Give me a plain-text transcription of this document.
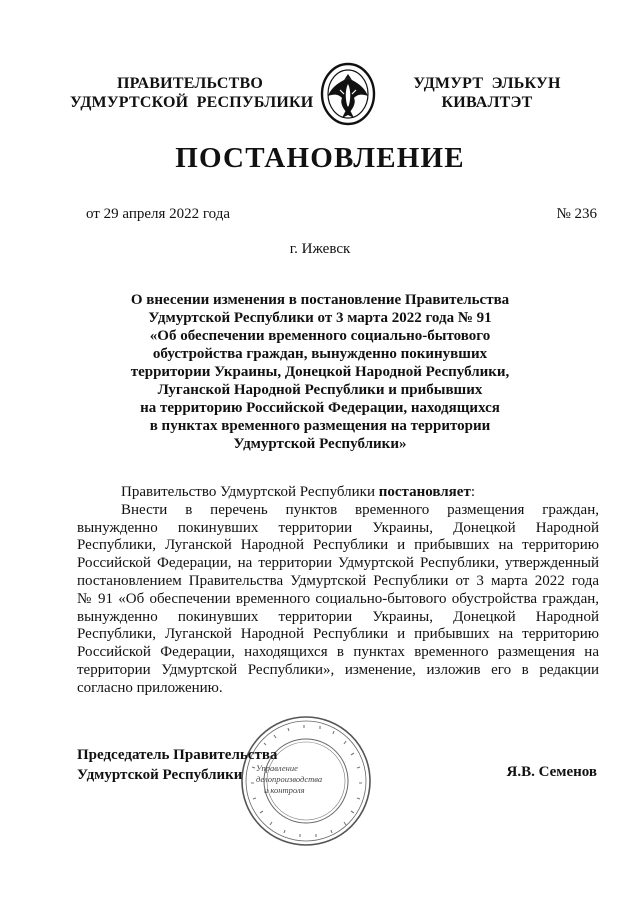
ПРАВИТЕЛЬСТВО
УДМУРТСКОЙ  РЕСПУБЛИКИ
УДМУРТ  ЭЛЬКУН
КИВАЛТЭТ
ПОСТАНОВЛЕНИЕ
от 29 апреля 2022 года	№ 236
г. Ижевск
О внесении изменения в постановление Правительства
Удмуртской Республики от 3 марта 2022 года № 91
«Об обеспечении временного социально-бытового
обустройства граждан, вынужденно покинувших
территории Украины, Донецкой Народной Республики,
Луганской Народной Республики и прибывших
на территорию Российской Федерации, находящихся
в пунктах временного размещения на территории
Удмуртской Республики»
Правительство Удмуртской Республики постановляет:
Внести в перечень пунктов временного размещения граждан,
вынужденно покинувших территории Украины, Донецкой Народной
Республики, Луганской Народной Республики и прибывших на территорию
Российской Федерации, на территории Удмуртской Республики, утвержденный
постановлением Правительства Удмуртской Республики от 3 марта 2022 года
№ 91 «Об обеспечении временного социально-бытового обустройства граждан,
вынужденно покинувших территории Украины, Донецкой Народной
Республики, Луганской Народной Республики и прибывших на территорию
Российской Федерации, находящихся в пунктах временного размещения на
территории Удмуртской Республики», изменение, изложив его в редакции
согласно приложению.
Управление
делопроизводства
и контроля
Председатель Правительства
Удмуртской Республики	Я.В. Семенов
